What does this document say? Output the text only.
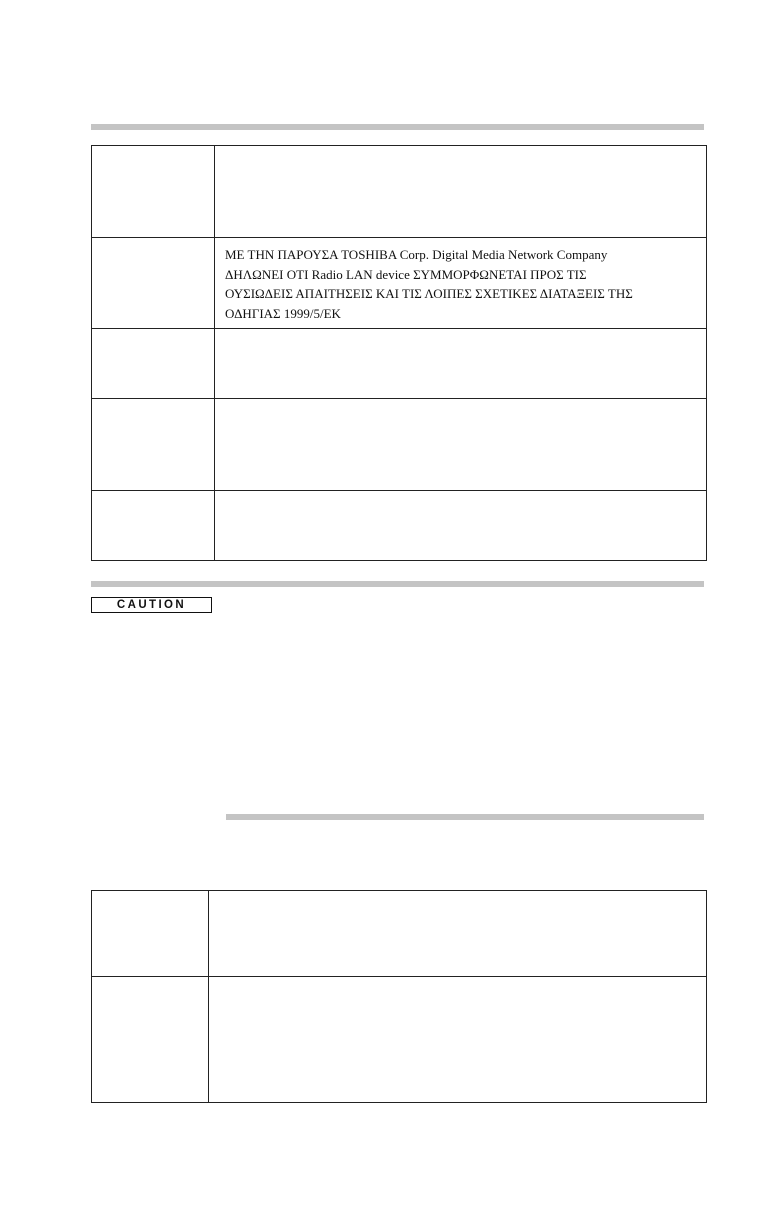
	ΜΕ ΤΗΝ ΠΑΡΟΥΣΑ TOSHIBA Corp. Digital Media Network Company
ΔΗΛΩΝΕΙ ΟΤΙ Radio LAN device ΣΥΜΜΟΡΦΩΝΕΤΑΙ ΠΡΟΣ ΤΙΣ
ΟΥΣΙΩΔΕΙΣ ΑΠΑΙΤΗΣΕΙΣ ΚΑΙ ΤΙΣ ΛΟΙΠΕΣ ΣΧΕΤΙΚΕΣ ΔΙΑΤΑΞΕΙΣ ΤΗΣ
ΟΔΗΓΙΑΣ 1999/5/ΕΚ

CAUTION
